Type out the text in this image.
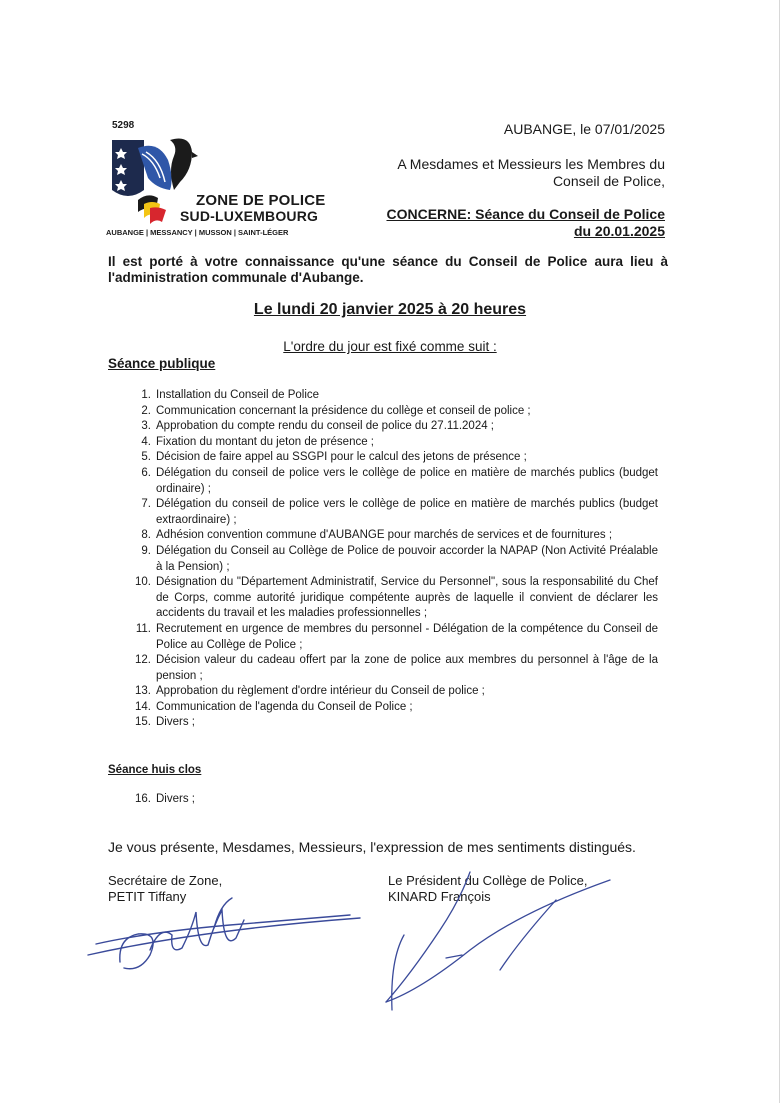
5298
ZONE DE POLICE
SUD-LUXEMBOURG
AUBANGE | MESSANCY | MUSSON | SAINT-LÉGER
AUBANGE, le 07/01/2025
A Mesdames et Messieurs les Membres du
Conseil de Police,
CONCERNE: Séance du Conseil de Police
du 20.01.2025
Il est porté à votre connaissance qu'une séance du Conseil de Police aura lieu à l'administration communale d'Aubange.
Le lundi 20 janvier 2025 à 20 heures
L'ordre du jour est fixé comme suit :
Séance publique
1. Installation du Conseil de Police
2. Communication concernant la présidence du collège et conseil de police ;
3. Approbation du compte rendu du conseil de police du 27.11.2024 ;
4. Fixation du montant du jeton de présence ;
5. Décision de faire appel au SSGPI pour le calcul des jetons de présence ;
6. Délégation du conseil de police vers le collège de police en matière de marchés publics (budget ordinaire) ;
7. Délégation du conseil de police vers le collège de police en matière de marchés publics (budget extraordinaire) ;
8. Adhésion convention commune d'AUBANGE pour marchés de services et de fournitures ;
9. Délégation du Conseil au Collège de Police de pouvoir accorder la NAPAP (Non Activité Préalable à la Pension) ;
10. Désignation du "Département Administratif, Service du Personnel", sous la responsabilité du Chef de Corps, comme autorité juridique compétente auprès de laquelle il convient de déclarer les accidents du travail et les maladies professionnelles ;
11. Recrutement en urgence de membres du personnel - Délégation de la compétence du Conseil de Police au Collège de Police ;
12. Décision valeur du cadeau offert par la zone de police aux membres du personnel à l'âge de la pension ;
13. Approbation du règlement d'ordre intérieur du Conseil de police ;
14. Communication de l'agenda du Conseil de Police ;
15. Divers ;
Séance huis clos
16. Divers ;
Je vous présente, Mesdames, Messieurs, l'expression de mes sentiments distingués.
Secrétaire de Zone,
PETIT Tiffany
Le Président du Collège de Police,
KINARD François
